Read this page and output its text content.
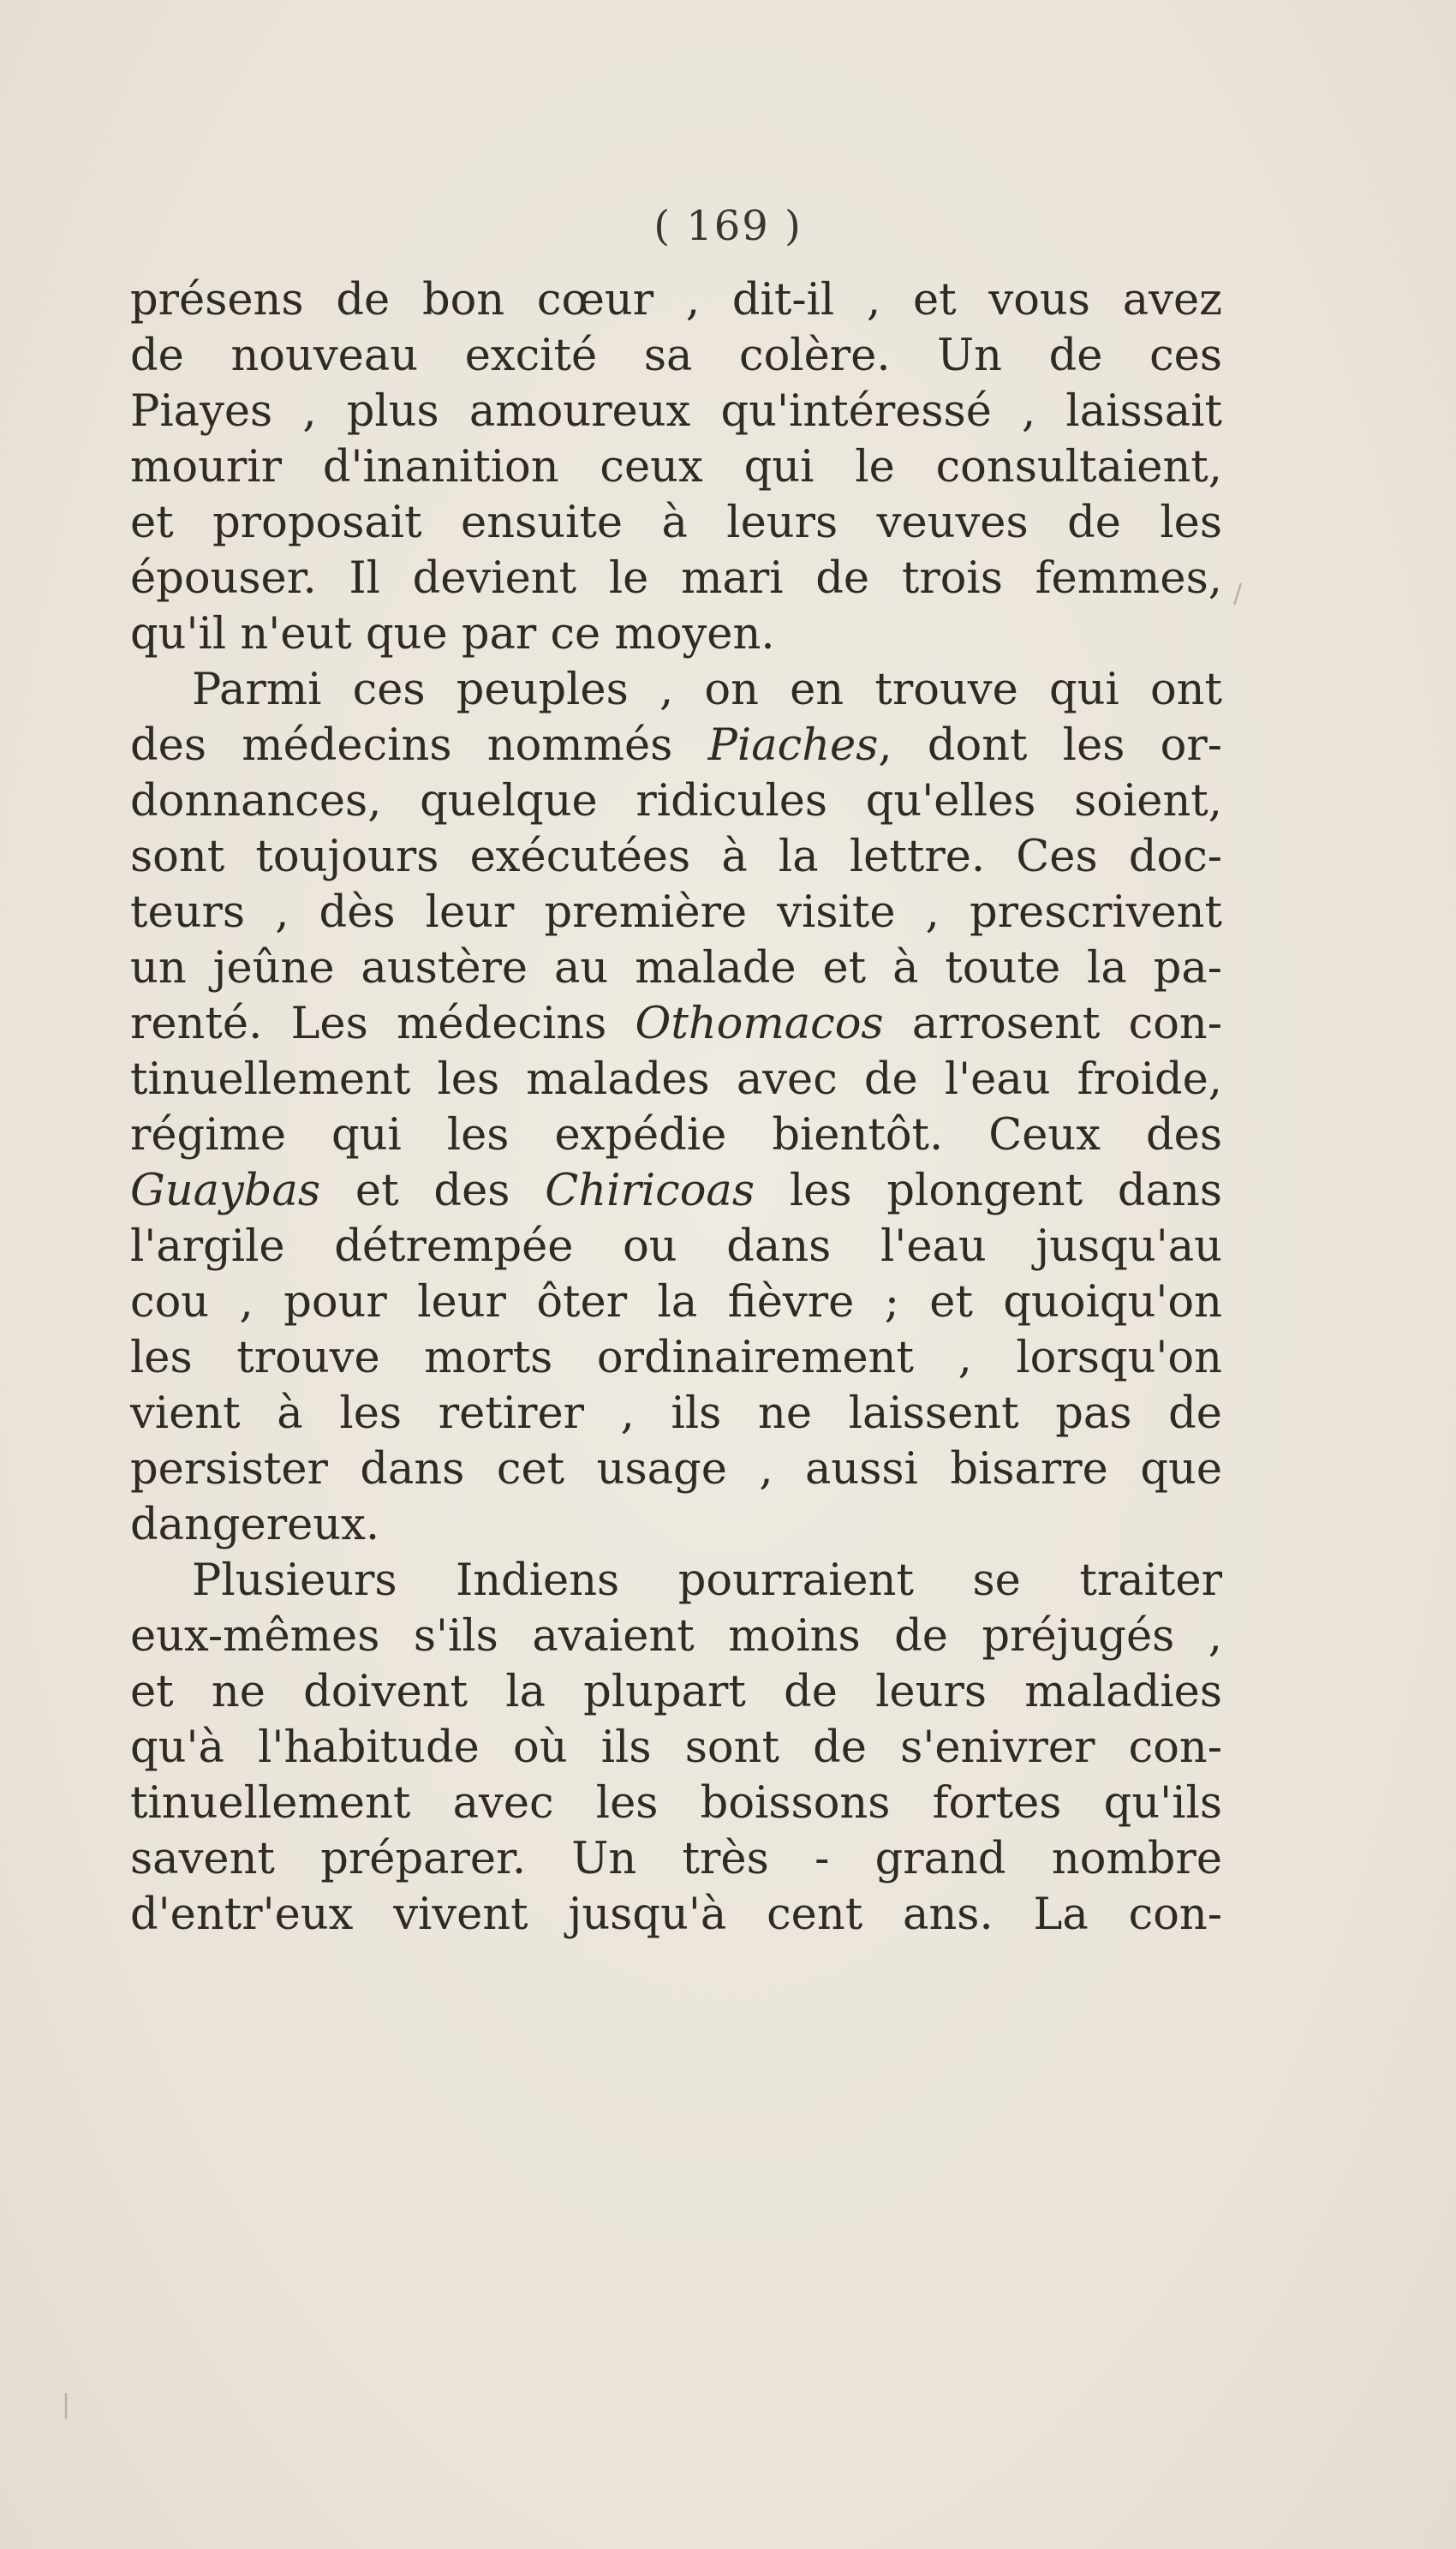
( 169 )
présens de bon cœur , dit-il , et vous avez
de nouveau excité sa colère. Un de ces
Piayes , plus amoureux qu'intéressé , laissait
mourir d'inanition ceux qui le consultaient,
et proposait ensuite à leurs veuves de les
épouser. Il devient le mari de trois femmes,
qu'il n'eut que par ce moyen.
Parmi ces peuples , on en trouve qui ont
des médecins nommés Piaches, dont les or-
donnances, quelque ridicules qu'elles soient,
sont toujours exécutées à la lettre. Ces doc-
teurs , dès leur première visite , prescrivent
un jeûne austère au malade et à toute la pa-
renté. Les médecins Othomacos arrosent con-
tinuellement les malades avec de l'eau froide,
régime qui les expédie bientôt. Ceux des
Guaybas et des Chiricoas les plongent dans
l'argile détrempée ou dans l'eau jusqu'au
cou , pour leur ôter la fièvre ; et quoiqu'on
les trouve morts ordinairement , lorsqu'on
vient à les retirer , ils ne laissent pas de
persister dans cet usage , aussi bisarre que
dangereux.
Plusieurs Indiens pourraient se traiter
eux-mêmes s'ils avaient moins de préjugés ,
et ne doivent la plupart de leurs maladies
qu'à l'habitude où ils sont de s'enivrer con-
tinuellement avec les boissons fortes qu'ils
savent préparer. Un très - grand nombre
d'entr'eux vivent jusqu'à cent ans. La con-
/
|
